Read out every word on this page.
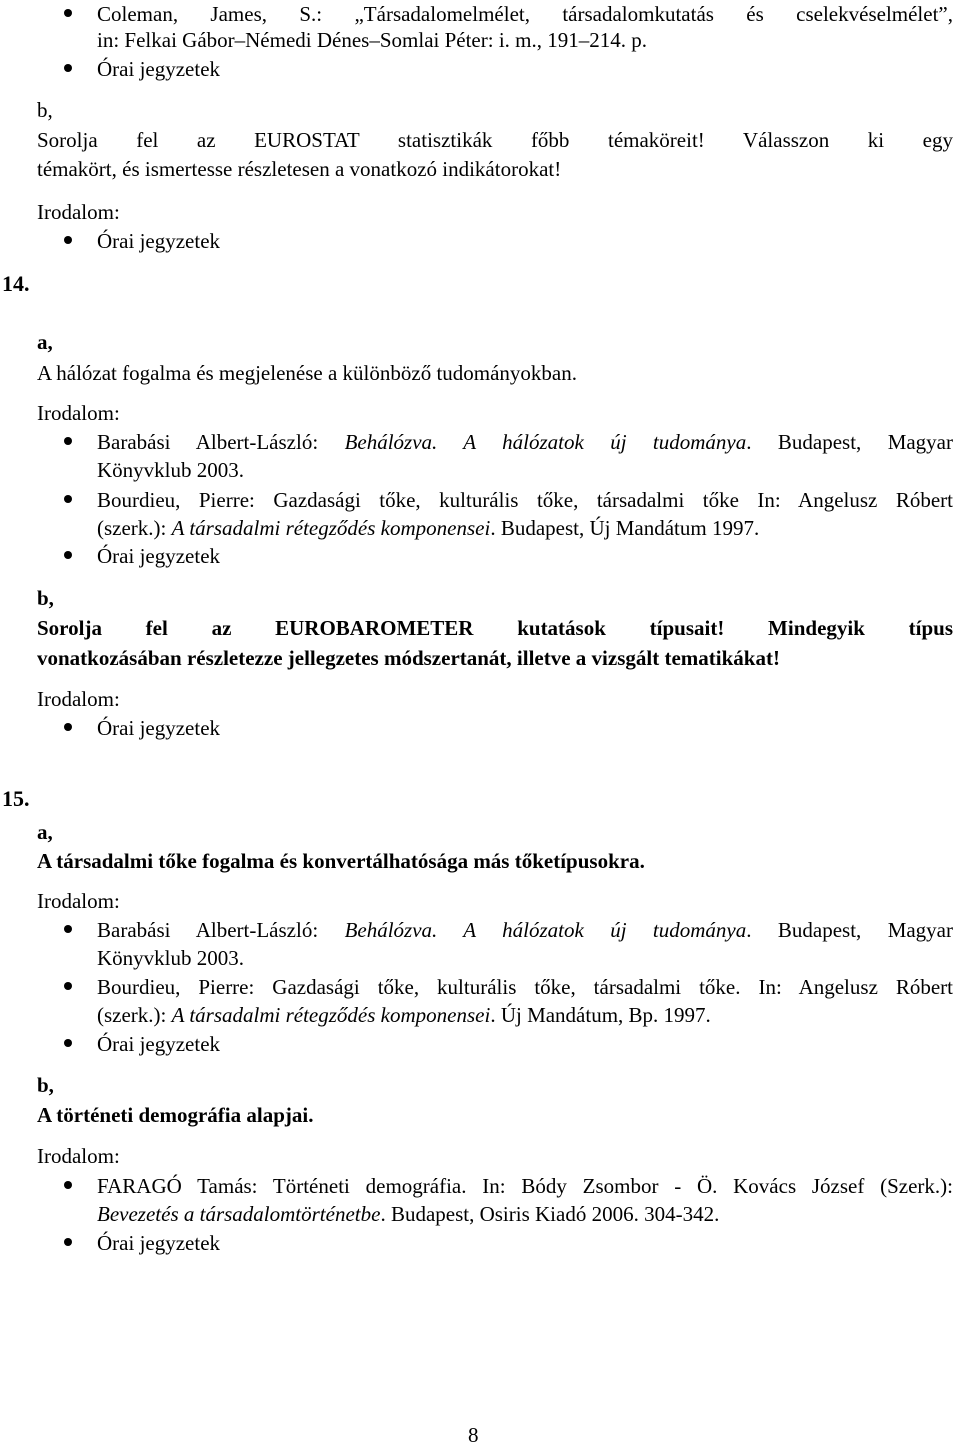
Coleman, James, S.: „Társadalomelmélet, társadalomkutatás és cselekvéselmélet”,
in: Felkai Gábor–Némedi Dénes–Somlai Péter: i. m., 191–214. p.
Órai jegyzetek
b,
Sorolja fel az EUROSTAT statisztikák főbb témaköreit! Válasszon ki egy
témakört, és ismertesse részletesen a vonatkozó indikátorokat!
Irodalom:
Órai jegyzetek
14.
a,
A hálózat fogalma és megjelenése a különböző tudományokban.
Irodalom:
Barabási Albert-László: Behálózva. A hálózatok új tudománya. Budapest, Magyar
Könyvklub 2003.
Bourdieu, Pierre: Gazdasági tőke, kulturális tőke, társadalmi tőke In: Angelusz Róbert
(szerk.): A társadalmi rétegződés komponensei. Budapest, Új Mandátum 1997.
Órai jegyzetek
b,
Sorolja fel az EUROBAROMETER kutatások típusait! Mindegyik típus
vonatkozásában részletezze jellegzetes módszertanát, illetve a vizsgált tematikákat!
Irodalom:
Órai jegyzetek
15.
a,
A társadalmi tőke fogalma és konvertálhatósága más tőketípusokra.
Irodalom:
Barabási Albert-László: Behálózva. A hálózatok új tudománya. Budapest, Magyar
Könyvklub 2003.
Bourdieu, Pierre: Gazdasági tőke, kulturális tőke, társadalmi tőke. In: Angelusz Róbert
(szerk.): A társadalmi rétegződés komponensei. Új Mandátum, Bp. 1997.
Órai jegyzetek
b,
A történeti demográfia alapjai.
Irodalom:
FARAGÓ Tamás: Történeti demográfia. In: Bódy Zsombor - Ö. Kovács József (Szerk.):
Bevezetés a társadalomtörténetbe. Budapest, Osiris Kiadó 2006. 304-342.
Órai jegyzetek
8
